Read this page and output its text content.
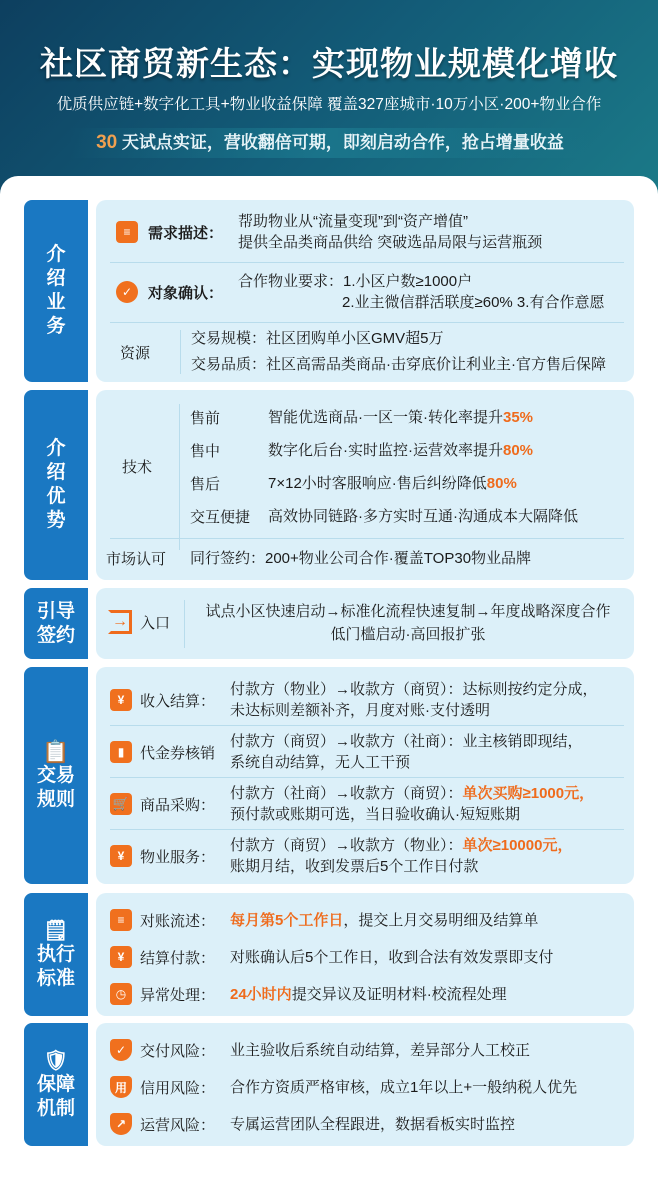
社区商贸新生态：实现物业规模化增收
优质供应链+数字化工具+物业收益保障 覆盖327座城市·10万小区·200+物业合作
30 天试点实证，营收翻倍可期，即刻启动合作，抢占增量收益
介绍业务
≡	需求描述：
帮助物业从“流量变现”到“资产增值”
提供全品类商品供给 突破选品局限与运营瓶颈
✓	对象确认：
合作物业要求：1.小区户数≥1000户
2.业主微信群活联度≥60% 3.有合作意愿
资源
交易规模：社区团购单小区GMV超5万
交易品质：社区高需品类商品·击穿底价让利业主·官方售后保障
介绍优势
技术
售前	智能优选商品·一区一策·转化率提升35%
售中	数字化后台·实时监控·运营效率提升80%
售后	7×12小时客服响应·售后纠纷降低80%
交互便捷	高效协同链路·多方实时互通·沟通成本大隔降低
市场认可 同行签约：200+物业公司合作·覆盖TOP30物业品牌
引导签约
→ 入口
试点小区快速启动→标准化流程快速复制→年度战略深度合作
低门槛启动·高回报扩张
📋
交易规则
¥	收入结算：
付款方（物业）→收款方（商贸）：达标则按约定分成，
未达标则差额补齐，月度对账·支付透明
▮	代金券核销
付款方（商贸）→收款方（社商）：业主核销即现结，
系统自动结算，无人工干预
🛒 商品采购：
付款方（社商）→收款方（商贸）：单次买购≥1000元，
预付款或账期可选，当日验收确认·短短账期
¥	物业服务：
付款方（商贸）→收款方（物业）：单次≥10000元，
账期月结，收到发票后5个工作日付款
🗒
执行标准
≡	对账流述： 每月第5个工作日，提交上月交易明细及结算单
¥	结算付款： 对账确认后5个工作日，收到合法有效发票即支付
◷ 异常处理： 24小时内提交异议及证明材料·校流程处理
🛡
保障机制
✓ 交付风险： 业主验收后系统自动结算，差异部分人工校正
用 信用风险： 合作方资质严格审核，成立1年以上+一般纳税人优先
↗ 运营风险： 专属运营团队全程跟进，数据看板实时监控
